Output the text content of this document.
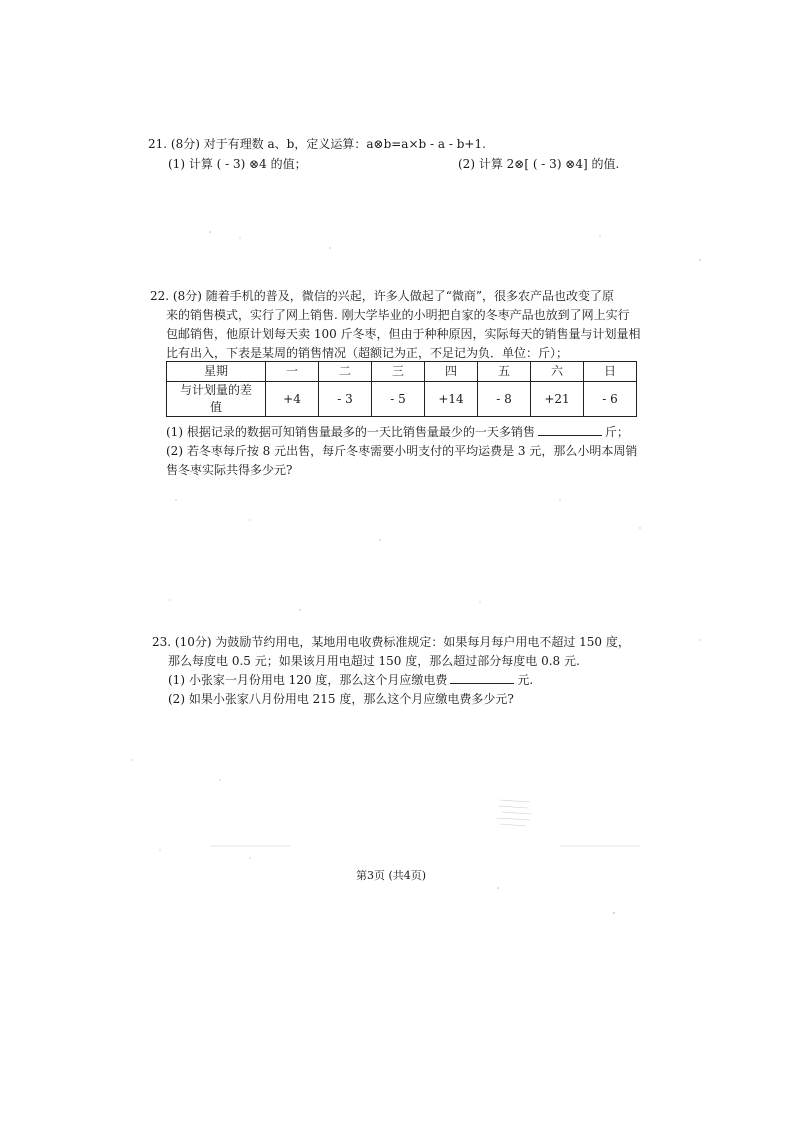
21. (8分) 对于有理数 a、b，定义运算：a⊗b=a×b - a - b+1.
(1) 计算 ( - 3) ⊗4 的值；	(2) 计算 2⊗[ ( - 3) ⊗4] 的值.
22. (8分) 随着手机的普及，微信的兴起，许多人做起了“微商”，很多农产品也改变了原
来的销售模式，实行了网上销售. 刚大学毕业的小明把自家的冬枣产品也放到了网上实行
包邮销售，他原计划每天卖 100 斤冬枣，但由于种种原因，实际每天的销售量与计划量相
比有出入，下表是某周的销售情况（超额记为正，不足记为负．单位：斤）；
星期	一	二	三	四	五	六	日

与计划量的差
值	+4	- 3	- 5	+14	- 8	+21	- 6
(1) 根据记录的数据可知销售量最多的一天比销售量最少的一天多销售	斤；
(2) 若冬枣每斤按 8 元出售，每斤冬枣需要小明支付的平均运费是 3 元，那么小明本周销
售冬枣实际共得多少元?
23. (10分) 为鼓励节约用电，某地用电收费标准规定：如果每月每户用电不超过 150 度，
那么每度电 0.5 元；如果该月用电超过 150 度，那么超过部分每度电 0.8 元.
(1) 小张家一月份用电 120 度，那么这个月应缴电费	元.
(2) 如果小张家八月份用电 215 度，那么这个月应缴电费多少元?
第3页 (共4页)
